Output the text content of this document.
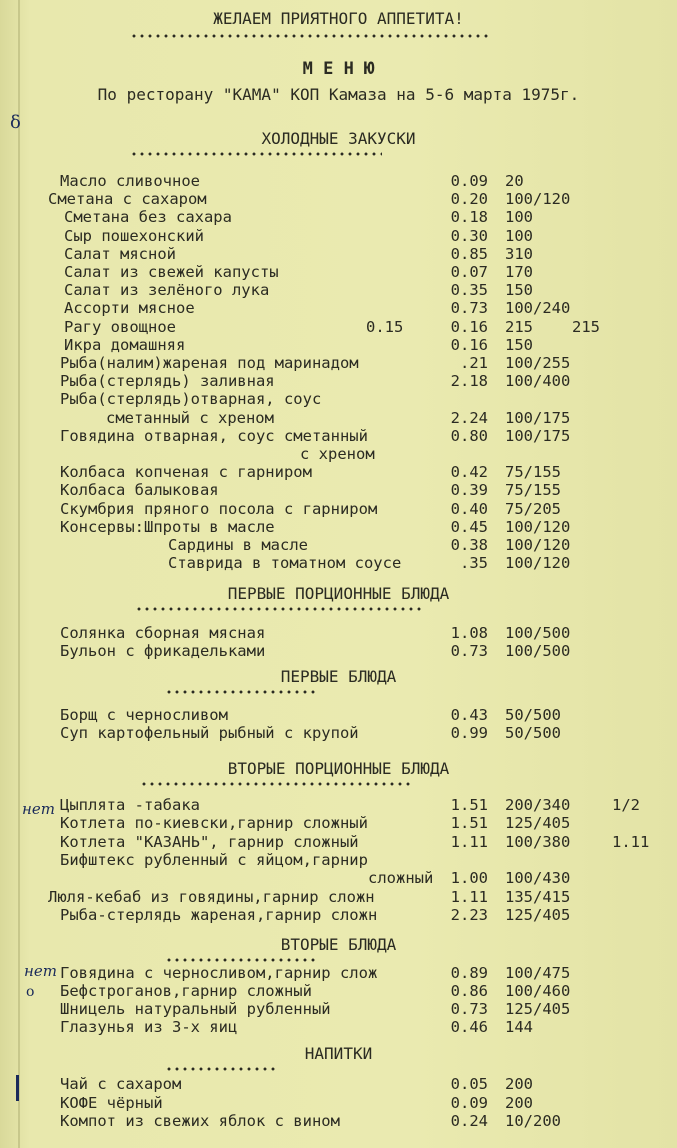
δ
нет
нет
o
ЖЕЛАЕМ ПРИЯТНОГО АППЕТИТА!
М Е Н Ю
По ресторану "КАМА" КОП Камаза на 5-6 марта 1975г.
ХОЛОДНЫЕ ЗАКУСКИ
Масло сливочное	0.09 20
Сметана с сахаром	0.20 100/120
Сметана без сахара	0.18 100
Сыр пошехонский	0.30 100
Салат мясной	0.85 310
Салат из свежей капусты	0.07 170
Салат из зелёного лука	0.35 150
Ассорти мясное	0.73 100/240
Рагу овощное	0.15	0.16 215	215
Икра домашняя	0.16 150
Рыба(налим)жареная под маринадом	.21 100/255
Рыба(стерлядь) заливная	2.18 100/400
Рыба(стерлядь)отварная, соус
сметанный с хреном	2.24 100/175
Говядина отварная, соус сметанный	0.80 100/175
с хреном
Колбаса копченая с гарниром	0.42 75/155
Колбаса балыковая	0.39 75/155
Скумбрия пряного посола с гарниром	0.40 75/205
Консервы:Шпроты в масле	0.45 100/120
Сардины в масле	0.38 100/120
Ставрида в томатном соусе	.35 100/120
ПЕРВЫЕ ПОРЦИОННЫЕ БЛЮДА
Солянка сборная мясная	1.08 100/500
Бульон с фрикадельками	0.73 100/500
ПЕРВЫЕ БЛЮДА
Борщ с черносливом	0.43 50/500
Суп картофельный рыбный с крупой	0.99 50/500
ВТОРЫЕ ПОРЦИОННЫЕ БЛЮДА
Цыплята -табака	1.51 200/340	1/2
Котлета по-киевски,гарнир сложный	1.51 125/405
Котлета "КАЗАНЬ", гарнир сложный	1.11 100/380	1.11
Бифштекс рубленный с яйцом,гарнир
сложный	1.00 100/430
Люля-кебаб из говядины,гарнир сложн	1.11 135/415
Рыба-стерлядь жареная,гарнир сложн	2.23 125/405
ВТОРЫЕ БЛЮДА
Говядина с черносливом,гарнир слож	0.89 100/475
Бефстроганов,гарнир сложный	0.86 100/460
Шницель натуральный рубленный	0.73 125/405
Глазунья из 3-х яиц	0.46 144
НАПИТКИ
Чай с сахаром	0.05 200
КОФЕ чёрный	0.09 200
Компот из свежих яблок с вином	0.24 10/200
